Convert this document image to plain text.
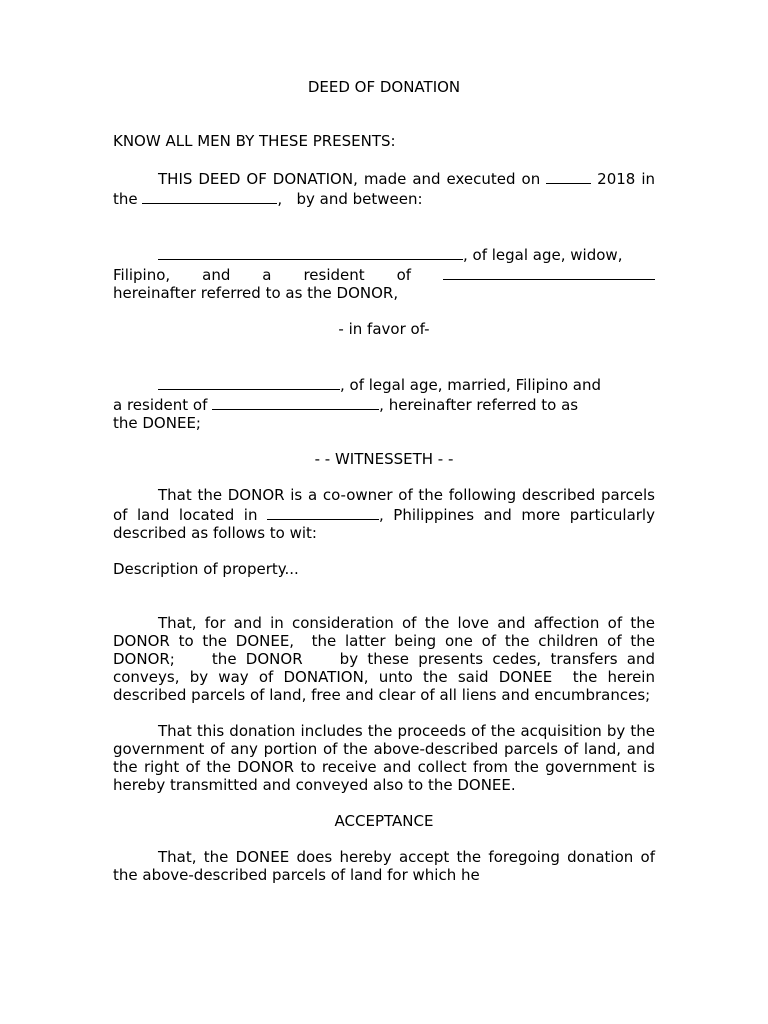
DEED OF DONATION

KNOW ALL MEN BY THESE PRESENTS:

THIS DEED OF DONATION, made and executed on	2018 in the	, by and between:

, of legal age, widow,

Filipino, and a resident of

hereinafter referred to as the DONOR,

- in favor of-

, of legal age, married, Filipino and

a resident of	, hereinafter referred to as

the DONEE;

- - WITNESSETH - -

That the DONOR is a co-owner of the following described parcels of land located in	, Philippines and more particularly described as follows to wit:

Description of property...

That, for and in consideration of the love and affection of the DONOR to the DONEE,  the latter being one of the children of the DONOR;    the DONOR    by these presents cedes, transfers and conveys, by way of DONATION, unto the said DONEE  the herein described parcels of land, free and clear of all liens and encumbrances;

That this donation includes the proceeds of the acquisition by the government of any portion of the above-described parcels of land, and the right of the DONOR to receive and collect from the government is hereby transmitted and conveyed also to the DONEE.

ACCEPTANCE

That, the DONEE does hereby accept the foregoing donation of the above-described parcels of land for which he
